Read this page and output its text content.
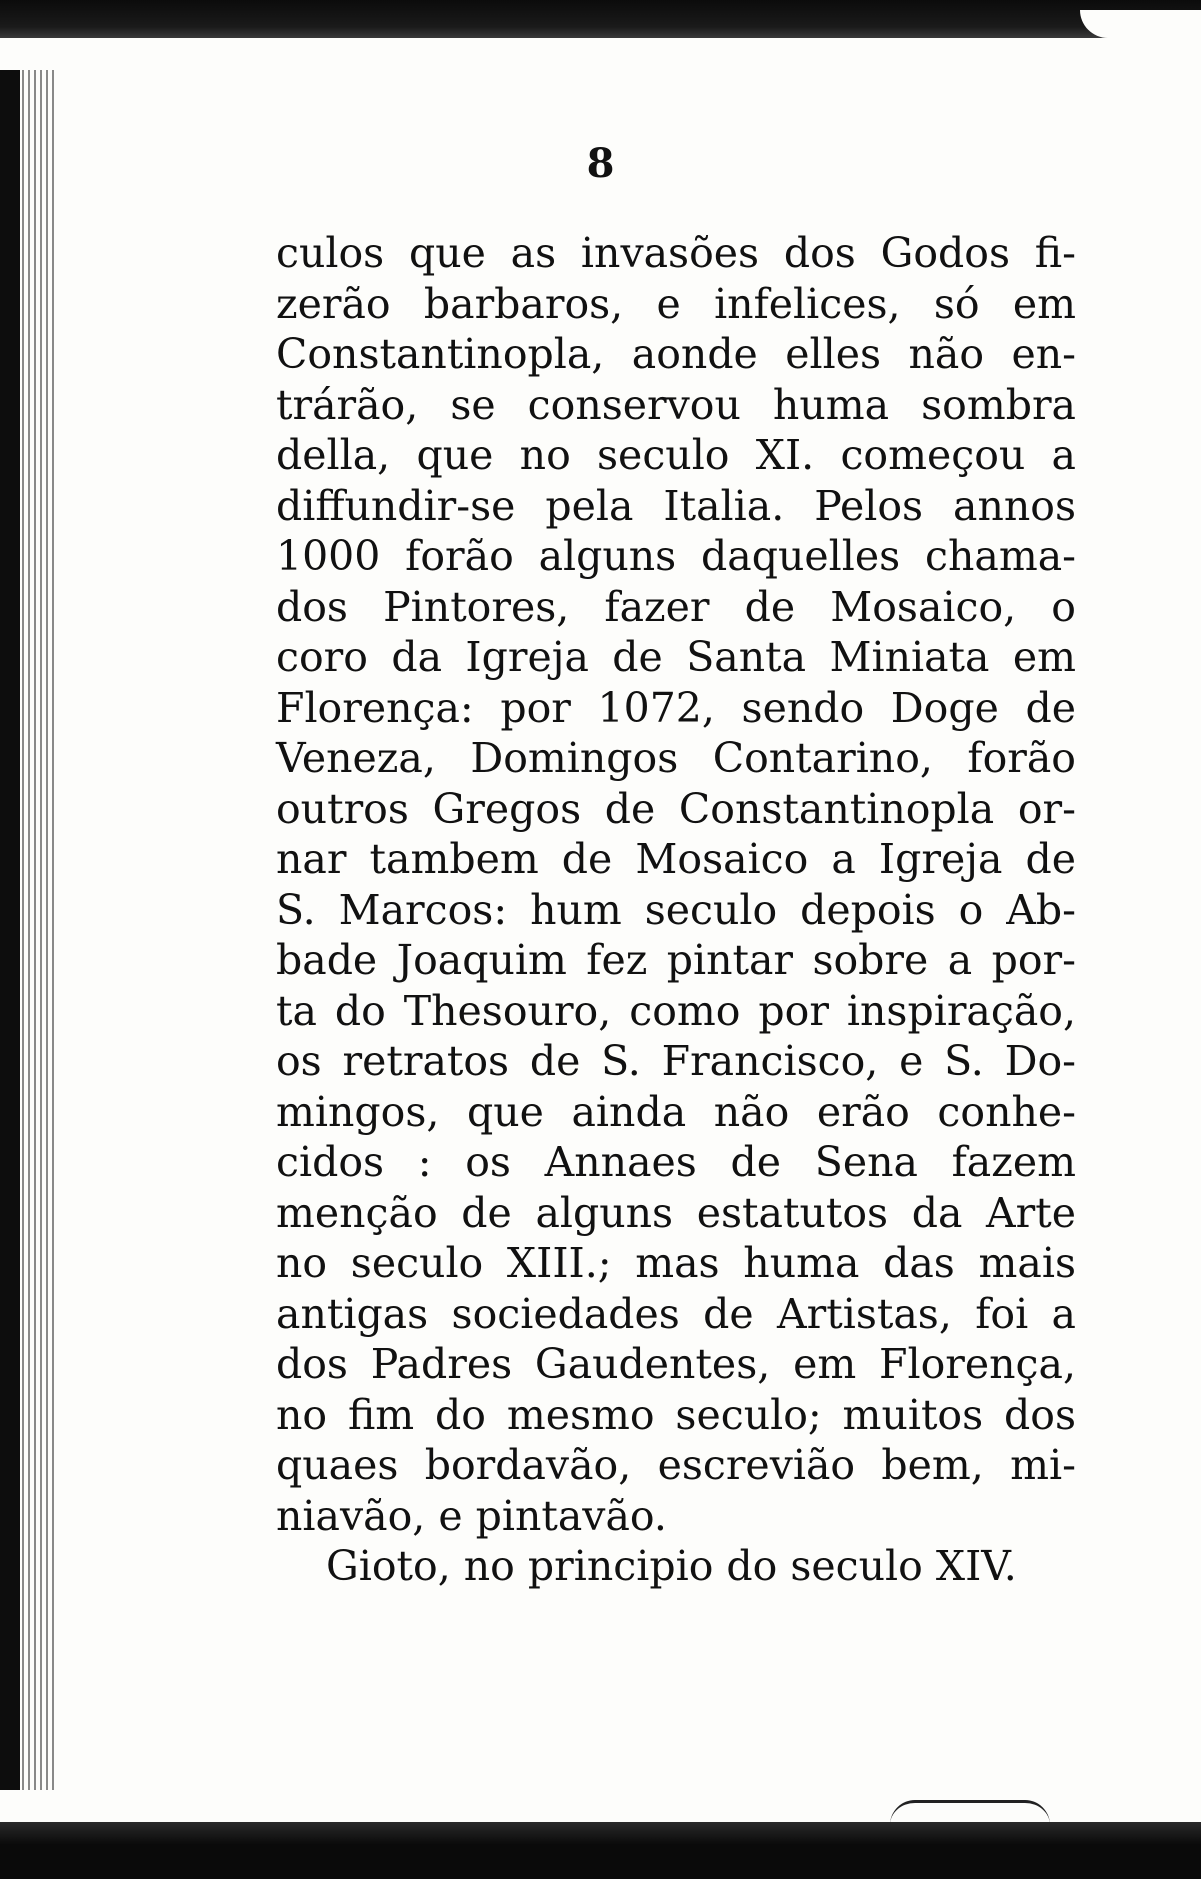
8
culos que as invasões dos Godos fi-
zerão barbaros, e infelices, só em
Constantinopla, aonde elles não en-
trárão, se conservou huma sombra
della, que no seculo XI. começou a
diffundir-se pela Italia. Pelos annos
1000 forão alguns daquelles chama-
dos Pintores, fazer de Mosaico, o
coro da Igreja de Santa Miniata em
Florença: por 1072, sendo Doge de
Veneza, Domingos Contarino, forão
outros Gregos de Constantinopla or-
nar tambem de Mosaico a Igreja de
S. Marcos: hum seculo depois o Ab-
bade Joaquim fez pintar sobre a por-
ta do Thesouro, como por inspiração,
os retratos de S. Francisco, e S. Do-
mingos, que ainda não erão conhe-
cidos : os Annaes de Sena fazem
menção de alguns estatutos da Arte
no seculo XIII.; mas huma das mais
antigas sociedades de Artistas, foi a
dos Padres Gaudentes, em Florença,
no fim do mesmo seculo; muitos dos
quaes bordavão, escrevião bem, mi-
niavão, e pintavão.
Gioto, no principio do seculo XIV.
